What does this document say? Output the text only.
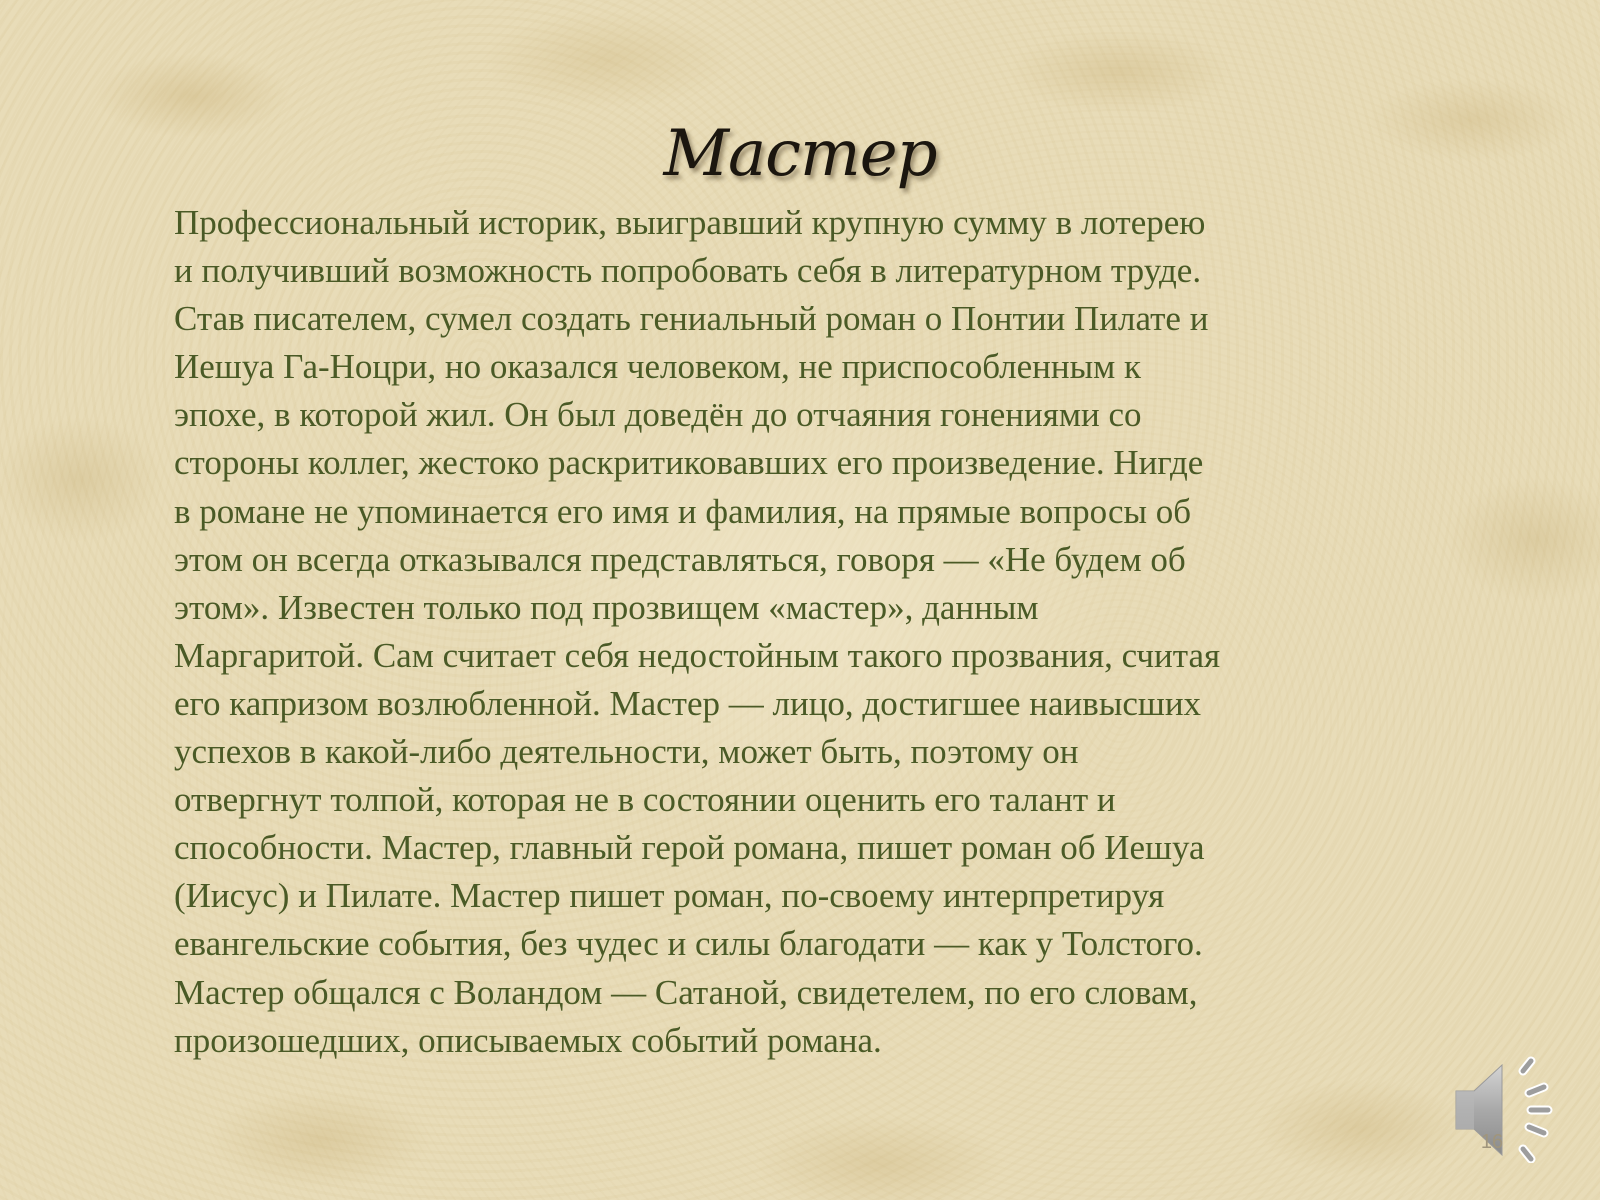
Мастер
Профессиональный историк, выигравший крупную сумму в лотерею
и получивший возможность попробовать себя в литературном труде.
Став писателем, сумел создать гениальный роман о Понтии Пилате и
Иешуа Га-Ноцри, но оказался человеком, не приспособленным к
эпохе, в которой жил. Он был доведён до отчаяния гонениями со
стороны коллег, жестоко раскритиковавших его произведение. Нигде
в романе не упоминается его имя и фамилия, на прямые вопросы об
этом он всегда отказывался представляться, говоря — «Не будем об
этом». Известен только под прозвищем «мастер», данным
Маргаритой. Сам считает себя недостойным такого прозвания, считая
его капризом возлюбленной. Мастер — лицо, достигшее наивысших
успехов в какой-либо деятельности, может быть, поэтому он
отвергнут толпой, которая не в состоянии оценить его талант и
способности. Мастер, главный герой романа, пишет роман об Иешуа
(Иисус) и Пилате. Мастер пишет роман, по-своему интерпретируя
евангельские события, без чудес и силы благодати — как у Толстого.
Мастер общался с Воландом — Сатаной, свидетелем, по его словам,
произошедших, описываемых событий романа.
16
